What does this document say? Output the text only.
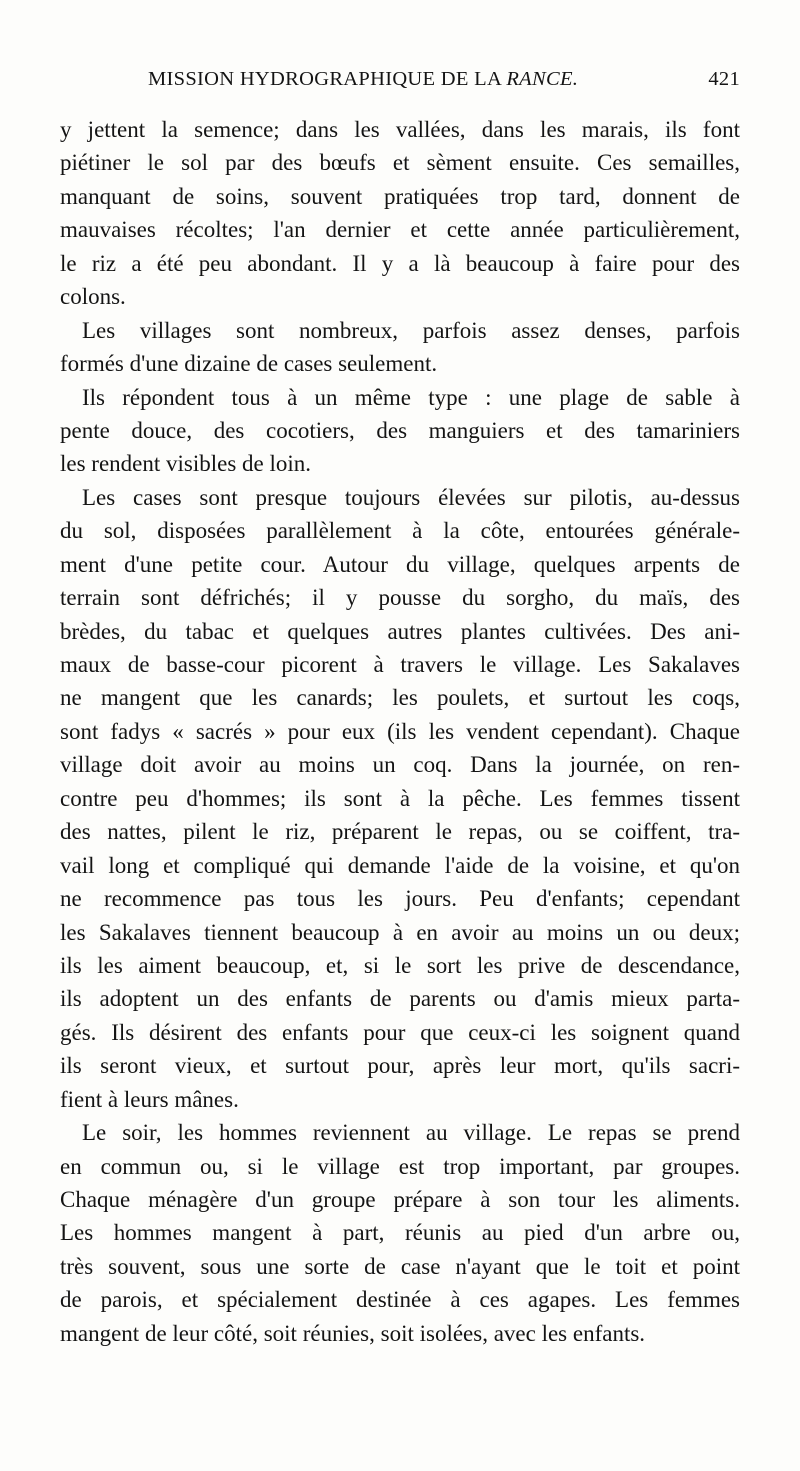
MISSION HYDROGRAPHIQUE DE LA RANCE.	421

y jettent la semence; dans les vallées, dans les marais, ils font
piétiner le sol par des bœufs et sèment ensuite. Ces semailles,
manquant de soins, souvent pratiquées trop tard, donnent de
mauvaises récoltes; l'an dernier et cette année particulièrement,
le riz a été peu abondant. Il y a là beaucoup à faire pour des
colons.

Les villages sont nombreux, parfois assez denses, parfois
formés d'une dizaine de cases seulement.

Ils répondent tous à un même type : une plage de sable à
pente douce, des cocotiers, des manguiers et des tamariniers
les rendent visibles de loin.

Les cases sont presque toujours élevées sur pilotis, au-dessus
du sol, disposées parallèlement à la côte, entourées générale-
ment d'une petite cour. Autour du village, quelques arpents de
terrain sont défrichés; il y pousse du sorgho, du maïs, des
brèdes, du tabac et quelques autres plantes cultivées. Des ani-
maux de basse-cour picorent à travers le village. Les Sakalaves
ne mangent que les canards; les poulets, et surtout les coqs,
sont fadys « sacrés » pour eux (ils les vendent cependant). Chaque
village doit avoir au moins un coq. Dans la journée, on ren-
contre peu d'hommes; ils sont à la pêche. Les femmes tissent
des nattes, pilent le riz, préparent le repas, ou se coiffent, tra-
vail long et compliqué qui demande l'aide de la voisine, et qu'on
ne recommence pas tous les jours. Peu d'enfants; cependant
les Sakalaves tiennent beaucoup à en avoir au moins un ou deux;
ils les aiment beaucoup, et, si le sort les prive de descendance,
ils adoptent un des enfants de parents ou d'amis mieux parta-
gés. Ils désirent des enfants pour que ceux-ci les soignent quand
ils seront vieux, et surtout pour, après leur mort, qu'ils sacri-
fient à leurs mânes.

Le soir, les hommes reviennent au village. Le repas se prend
en commun ou, si le village est trop important, par groupes.
Chaque ménagère d'un groupe prépare à son tour les aliments.
Les hommes mangent à part, réunis au pied d'un arbre ou,
très souvent, sous une sorte de case n'ayant que le toit et point
de parois, et spécialement destinée à ces agapes. Les femmes
mangent de leur côté, soit réunies, soit isolées, avec les enfants.
